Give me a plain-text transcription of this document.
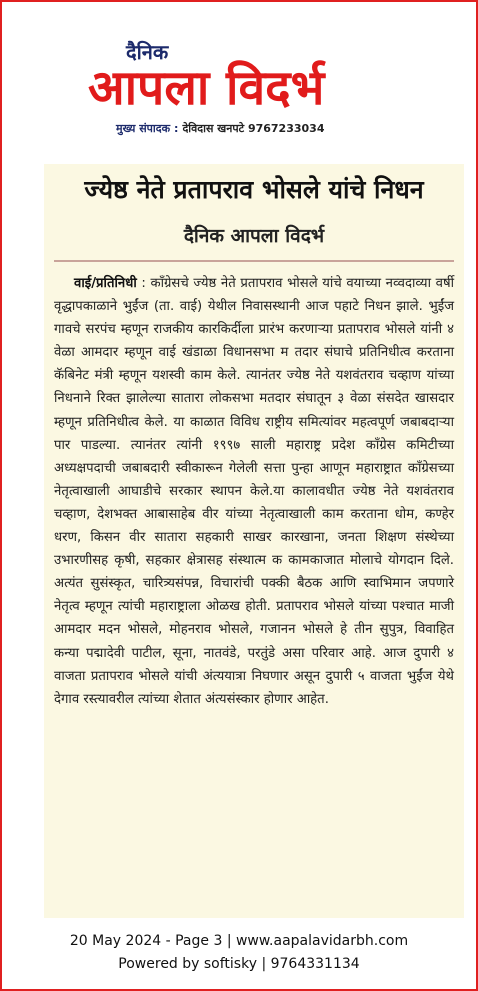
दैनिक
आपला विदर्भ
मुख्य संपादक : देविदास खनपटे 9767233034
ज्येष्ठ नेते प्रतापराव भोसले यांचे निधन
दैनिक आपला विदर्भ
वाई/प्रतिनिधी : काँग्रेसचे ज्येष्ठ नेते प्रतापराव भोसले यांचे वयाच्या नव्वदाव्या वर्षी वृद्धापकाळाने भुईंज (ता. वाई) येथील निवासस्थानी आज पहाटे निधन झाले. भुईंज गावचे सरपंच म्हणून राजकीय कारकिर्दीला प्रारंभ करणाऱ्या प्रतापराव भोसले यांनी ४ वेळा आमदार म्हणून वाई खंडाळा विधानसभा म तदार संघाचे प्रतिनिधीत्व करताना कॅबिनेट मंत्री म्हणून यशस्वी काम केले. त्यानंतर ज्येष्ठ नेते यशवंतराव चव्हाण यांच्या निधनाने रिक्त झालेल्या सातारा लोकसभा मतदार संघातून ३ वेळा संसदेत खासदार म्हणून प्रतिनिधीत्व केले. या काळात विविध राष्ट्रीय समित्यांवर महत्वपूर्ण जबाबदाऱ्या पार पाडल्या. त्यानंतर त्यांनी १९९७ साली महाराष्ट्र प्रदेश काँग्रेस कमिटीच्या अध्यक्षपदाची जबाबदारी स्वीकारून गेलेली सत्ता पुन्हा आणून महाराष्ट्रात काँग्रेसच्या नेतृत्वाखाली आघाडीचे सरकार स्थापन केले.या कालावधीत ज्येष्ठ नेते यशवंतराव चव्हाण, देशभक्त आबासाहेब वीर यांच्या नेतृत्वाखाली काम करताना धोम, कण्हेर धरण, किसन वीर सातारा सहकारी साखर कारखाना, जनता शिक्षण संस्थेच्या उभारणीसह कृषी, सहकार क्षेत्रासह संस्थात्म क कामकाजात मोलाचे योगदान दिले. अत्यंत सुसंस्कृत, चारित्र्यसंपन्न, विचारांची पक्की बैठक आणि स्वाभिमान जपणारे नेतृत्व म्हणून त्यांची महाराष्ट्राला ओळख होती. प्रतापराव भोसले यांच्या पश्चात माजी आमदार मदन भोसले, मोहनराव भोसले, गजानन भोसले हे तीन सुपुत्र, विवाहित कन्या पद्मादेवी पाटील, सूना, नातवंडे, परतुंडे असा परिवार आहे. आज दुपारी ४ वाजता प्रतापराव भोसले यांची अंत्ययात्रा निघणार असून दुपारी ५ वाजता भुईंज येथे देगाव रस्त्यावरील त्यांच्या शेतात अंत्यसंस्कार होणार आहेत.
20 May 2024 - Page 3 | www.aapalavidarbh.com
Powered by softisky | 9764331134
